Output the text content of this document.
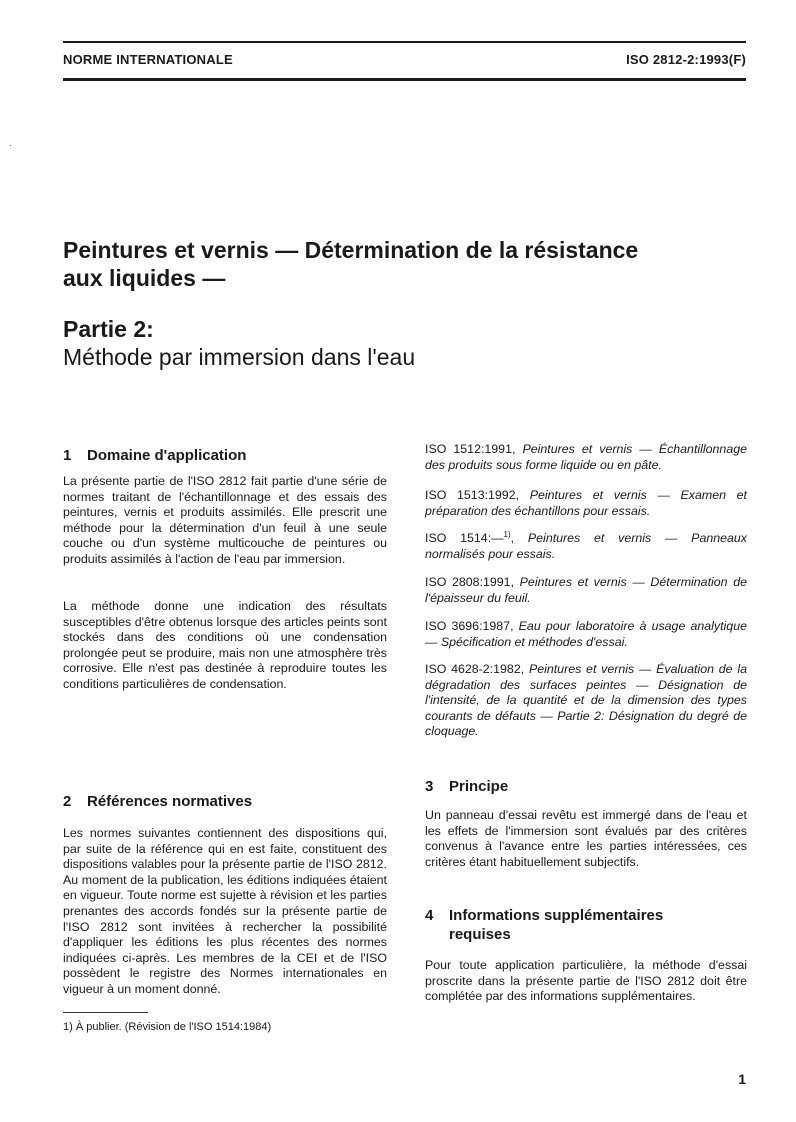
NORME INTERNATIONALE	ISO 2812-2:1993(F)
·
Peintures et vernis — Détermination de la résistance
aux liquides —
Partie 2:
Méthode par immersion dans l'eau
1 Domaine d'application
La présente partie de l'ISO 2812 fait partie d'une série de normes traitant de l'échantillonnage et des essais des peintures, vernis et produits assimilés. Elle prescrit une méthode pour la détermination d'un feuil à une seule couche ou d'un système multicouche de peintures ou produits assimilés à l'action de l'eau par immersion.
La méthode donne une indication des résultats susceptibles d'être obtenus lorsque des articles peints sont stockés dans des conditions où une condensation prolongée peut se produire, mais non une atmosphère très corrosive. Elle n'est pas destinée à reproduire toutes les conditions particulières de condensation.
2 Références normatives
Les normes suivantes contiennent des dispositions qui, par suite de la référence qui en est faite, constituent des dispositions valables pour la présente partie de l'ISO 2812. Au moment de la publication, les éditions indiquées étaient en vigueur. Toute norme est sujette à révision et les parties prenantes des accords fondés sur la présente partie de l'ISO 2812 sont invitées à rechercher la possibilité d'appliquer les éditions les plus récentes des normes indiquées ci-après. Les membres de la CEI et de l'ISO possèdent le registre des Normes internationales en vigueur à un moment donné.
ISO 1512:1991, Peintures et vernis — Échantillonnage des produits sous forme liquide ou en pâte.
ISO 1513:1992, Peintures et vernis — Examen et préparation des échantillons pour essais.
ISO 1514:—$^{1)}$, Peintures et vernis — Panneaux normalisés pour essais.
ISO 2808:1991, Peintures et vernis — Détermination de l'épaisseur du feuil.
ISO 3696:1987, Eau pour laboratoire à usage analytique — Spécification et méthodes d'essai.
ISO 4628-2:1982, Peintures et vernis — Évaluation de la dégradation des surfaces peintes — Désignation de l'intensité, de la quantité et de la dimension des types courants de défauts — Partie 2: Désignation du degré de cloquage.
3 Principe
Un panneau d'essai revêtu est immergé dans de l'eau et les effets de l'immersion sont évalués par des critères convenus à l'avance entre les parties intéressées, ces critères étant habituellement subjectifs.
4 Informations supplémentaires
requises
Pour toute application particulière, la méthode d'essai proscrite dans la présente partie de l'ISO 2812 doit être complétée par des informations supplémentaires.
1) À publier. (Révision de l'ISO 1514:1984)
1
